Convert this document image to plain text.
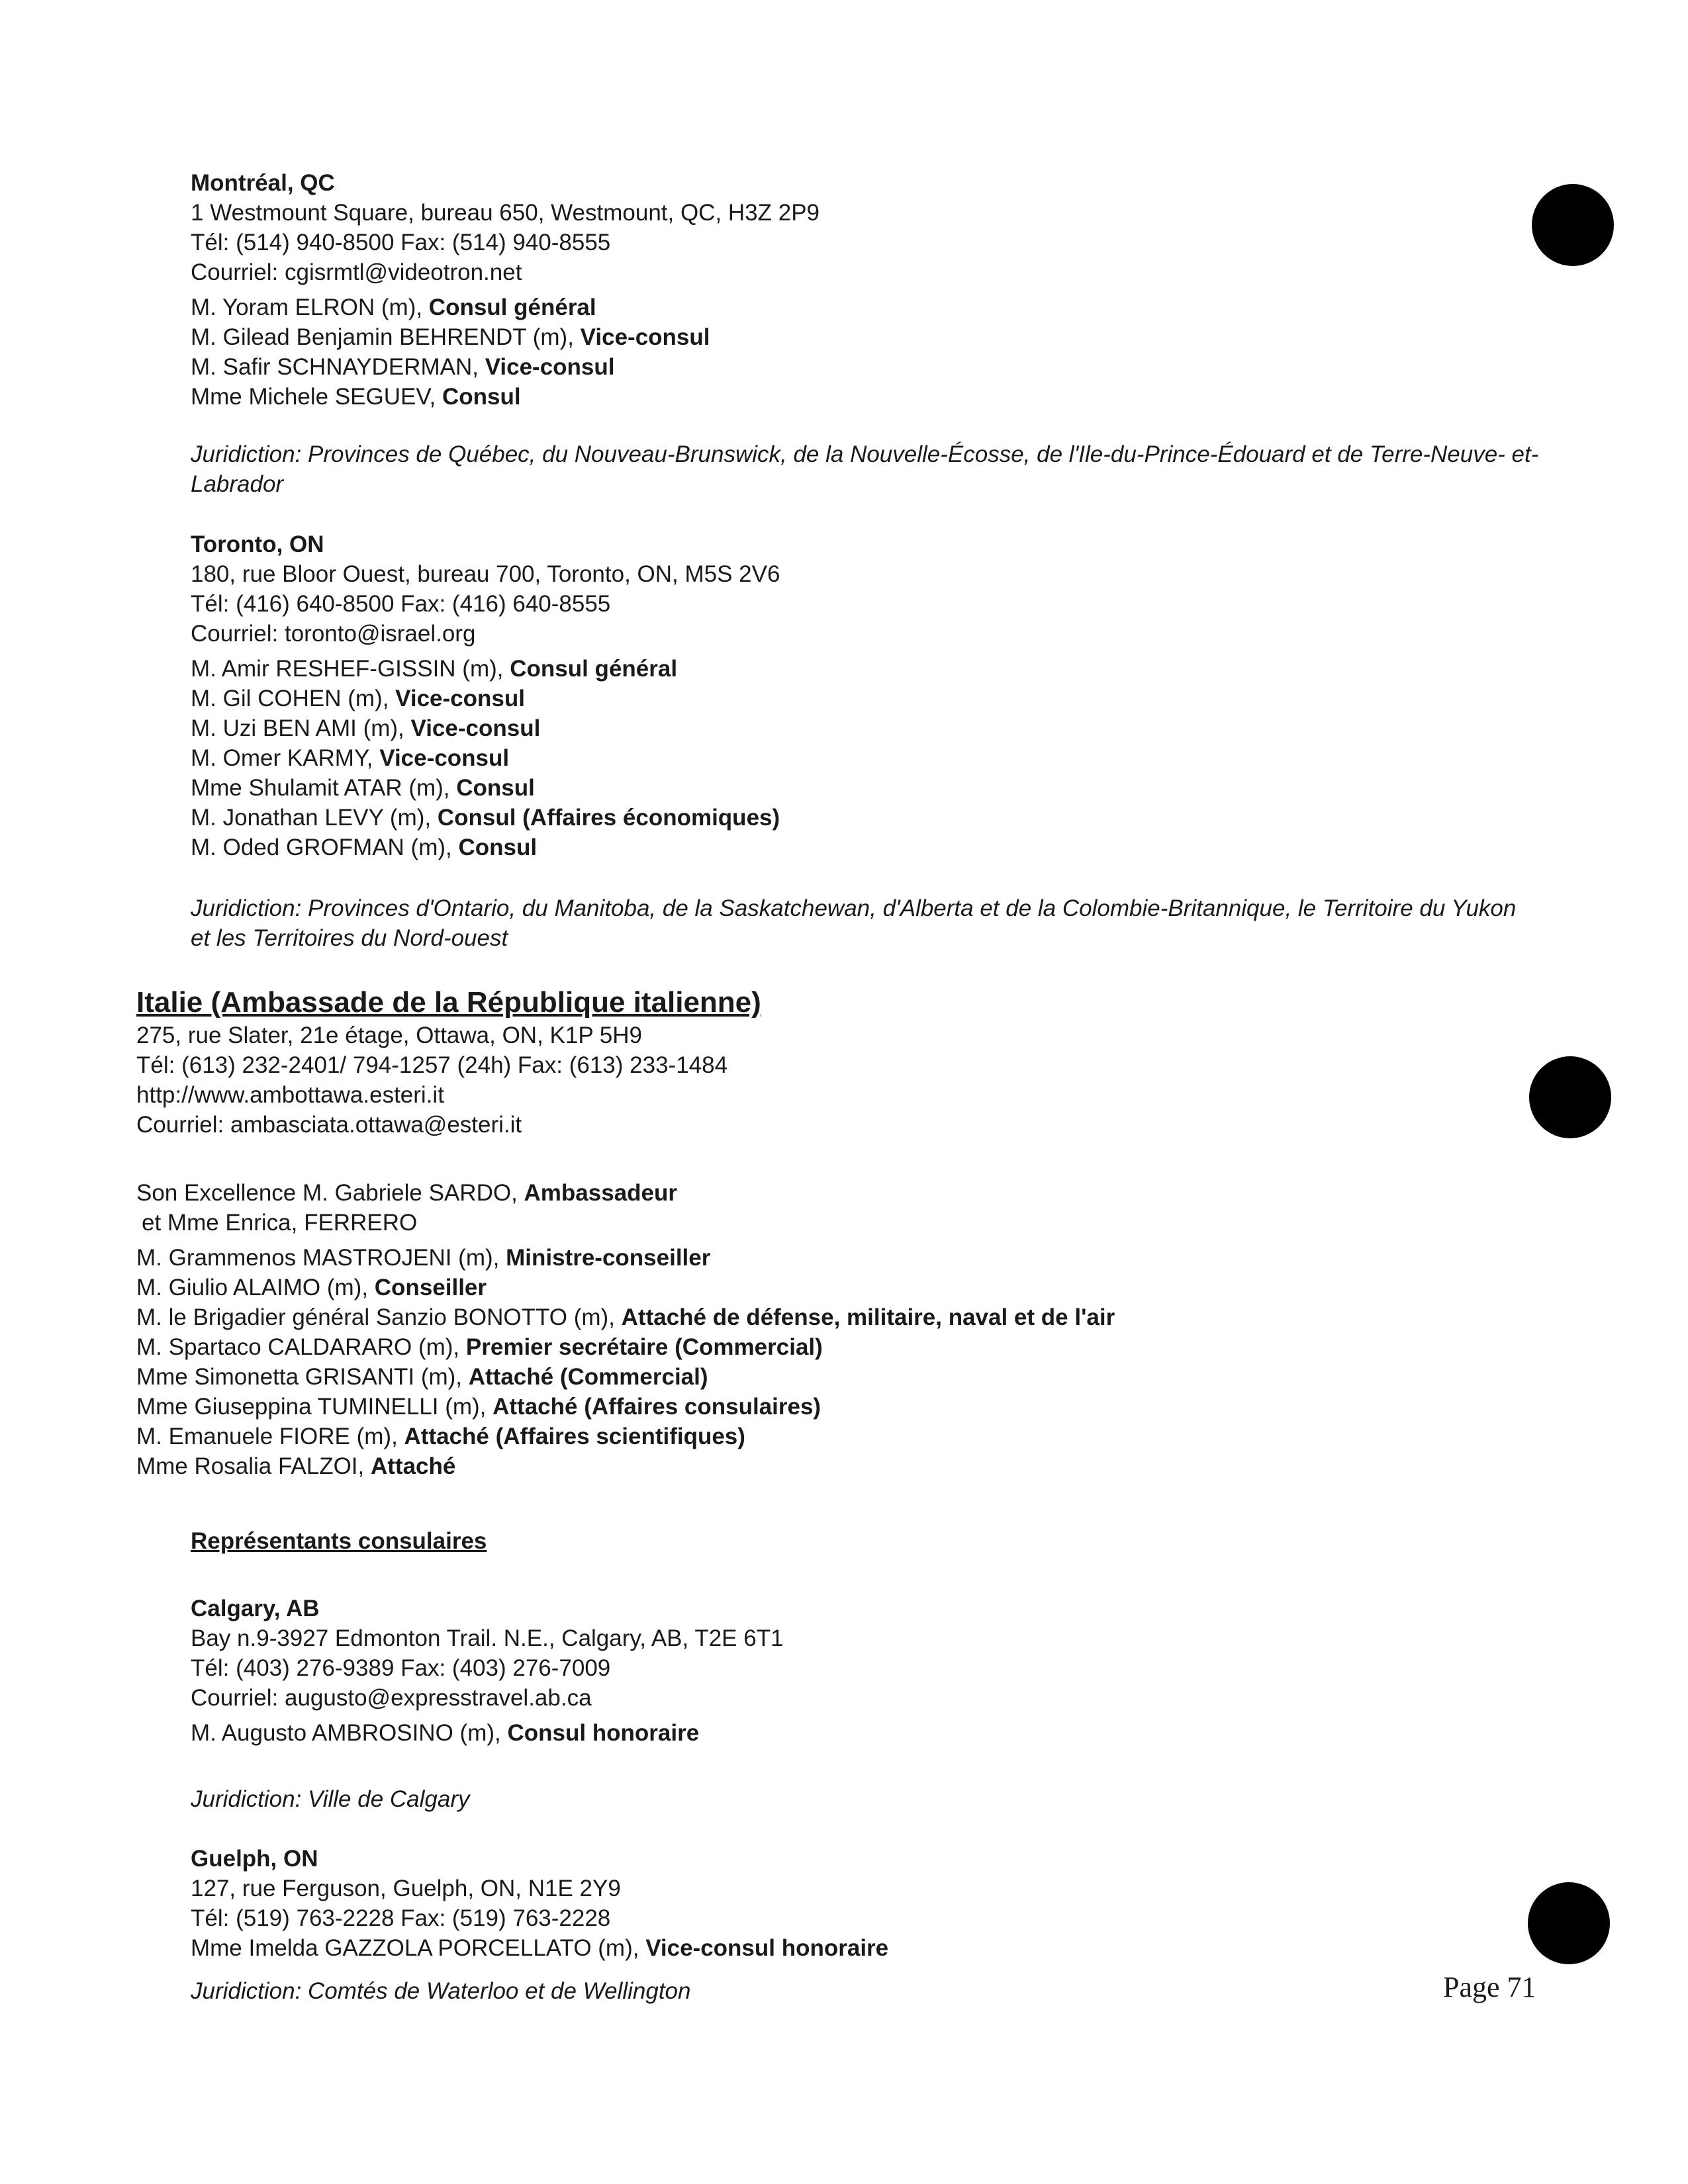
Montréal, QC
1 Westmount Square, bureau 650, Westmount, QC, H3Z 2P9
Tél: (514) 940-8500 Fax: (514) 940-8555
Courriel: cgisrmtl@videotron.net
M. Yoram ELRON (m), Consul général
M. Gilead Benjamin BEHRENDT (m), Vice-consul
M. Safir SCHNAYDERMAN, Vice-consul
Mme Michele SEGUEV, Consul
Juridiction: Provinces de Québec, du Nouveau-Brunswick, de la Nouvelle-Écosse, de l'Ile-du-Prince-Édouard et de Terre-Neuve- et-Labrador
Toronto, ON
180, rue Bloor Ouest, bureau 700, Toronto, ON, M5S 2V6
Tél: (416) 640-8500 Fax: (416) 640-8555
Courriel: toronto@israel.org
M. Amir RESHEF-GISSIN (m), Consul général
M. Gil COHEN (m), Vice-consul
M. Uzi BEN AMI (m), Vice-consul
M. Omer KARMY, Vice-consul
Mme Shulamit ATAR (m), Consul
M. Jonathan LEVY (m), Consul (Affaires économiques)
M. Oded GROFMAN (m), Consul
Juridiction: Provinces d'Ontario, du Manitoba, de la Saskatchewan, d'Alberta et de la Colombie-Britannique, le Territoire du Yukon et les Territoires du Nord-ouest
Italie (Ambassade de la République italienne)
275, rue Slater, 21e étage, Ottawa, ON, K1P 5H9
Tél: (613) 232-2401/ 794-1257 (24h) Fax: (613) 233-1484
http://www.ambottawa.esteri.it
Courriel: ambasciata.ottawa@esteri.it
Son Excellence M. Gabriele SARDO, Ambassadeur
et Mme Enrica, FERRERO
M. Grammenos MASTROJENI (m), Ministre-conseiller
M. Giulio ALAIMO (m), Conseiller
M. le Brigadier général Sanzio BONOTTO (m), Attaché de défense, militaire, naval et de l'air
M. Spartaco CALDARARO (m), Premier secrétaire (Commercial)
Mme Simonetta GRISANTI (m), Attaché (Commercial)
Mme Giuseppina TUMINELLI (m), Attaché (Affaires consulaires)
M. Emanuele FIORE (m), Attaché (Affaires scientifiques)
Mme Rosalia FALZOI, Attaché
Représentants consulaires
Calgary, AB
Bay n.9-3927 Edmonton Trail. N.E., Calgary, AB, T2E 6T1
Tél: (403) 276-9389 Fax: (403) 276-7009
Courriel: augusto@expresstravel.ab.ca
M. Augusto AMBROSINO (m), Consul honoraire
Juridiction: Ville de Calgary
Guelph, ON
127, rue Ferguson, Guelph, ON, N1E 2Y9
Tél: (519) 763-2228 Fax: (519) 763-2228
Mme Imelda GAZZOLA PORCELLATO (m), Vice-consul honoraire
Juridiction: Comtés de Waterloo et de Wellington	Page 71
